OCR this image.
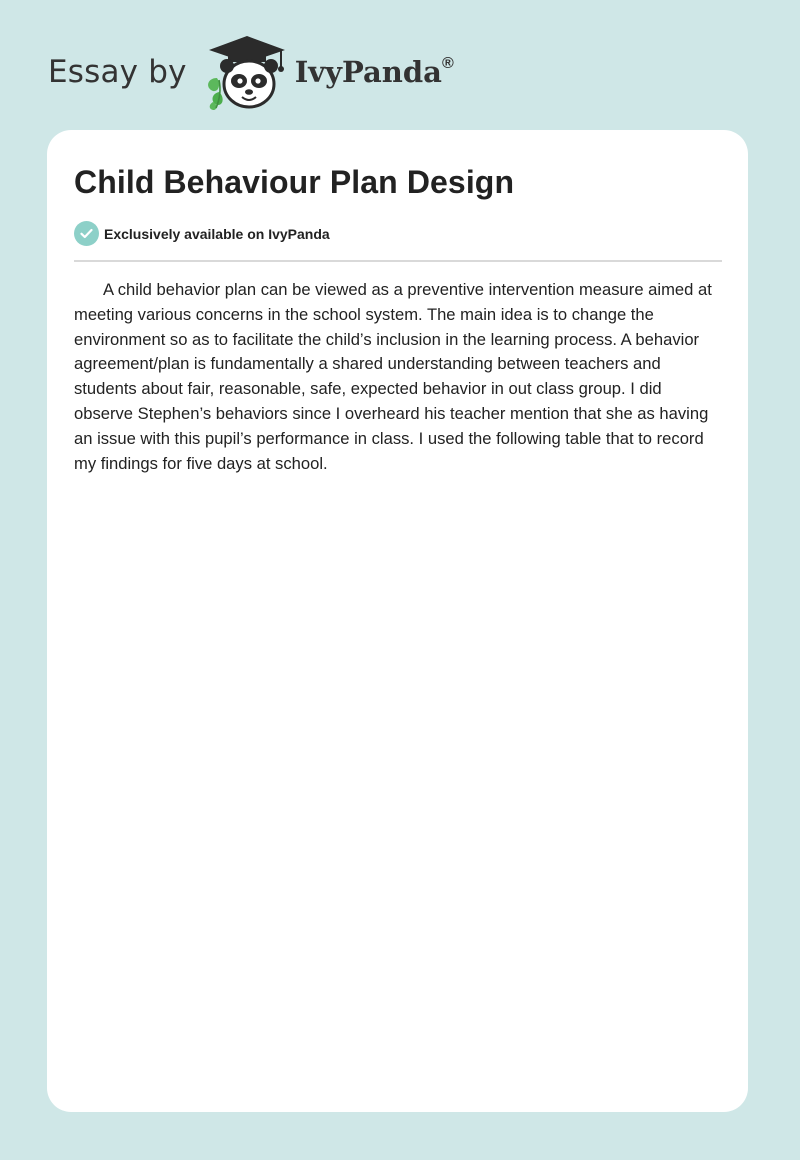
Essay by	IvyPanda®
Child Behaviour Plan Design
Exclusively available on IvyPanda

A child behavior plan can be viewed as a preventive intervention measure aimed at meeting various concerns in the school system. The main idea is to change the environment so as to facilitate the child’s inclusion in the learning process. A behavior agreement/plan is fundamentally a shared understanding between teachers and students about fair, reasonable, safe, expected behavior in out class group. I did observe Stephen’s behaviors since I overheard his teacher mention that she as having an issue with this pupil’s performance in class. I used the following table that to record my findings for five days at school.
